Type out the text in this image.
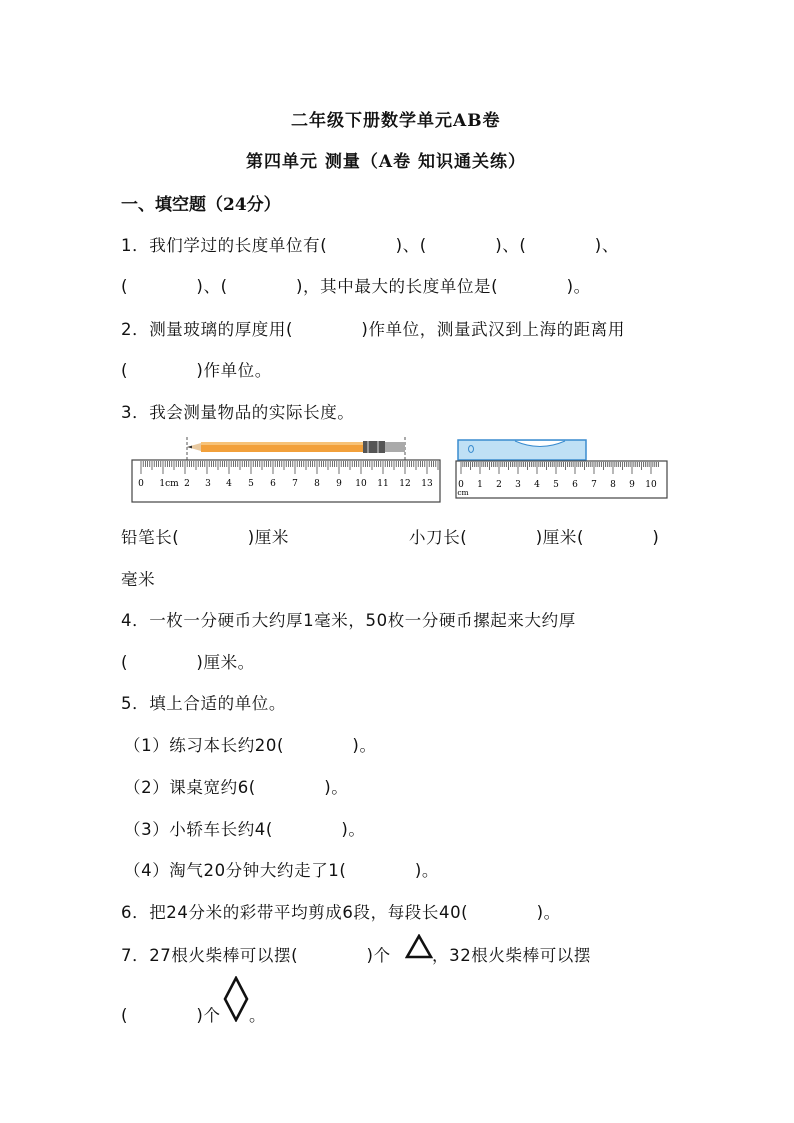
二年级下册数学单元AB卷
第四单元 测量（A卷 知识通关练）
一、填空题（24分）
1．我们学过的长度单位有(　　　　)、(　　　　)、(　　　　)、
(　　　　)、(　　　　)，其中最大的长度单位是(　　　　)。
2．测量玻璃的厚度用(　　　　)作单位，测量武汉到上海的距离用
(　　　　)作单位。
3．我会测量物品的实际长度。
0 1cm 2 3 4 5 6 7 8 9 10 11 12 13	0
cm
1 2 3 4 5 6 7 8 9 10
铅笔长(　　　　)厘米	小刀长(　　　　)厘米(　　　　)
毫米
4．一枚一分硬币大约厚1毫米，50枚一分硬币摞起来大约厚
(　　　　)厘米。
5．填上合适的单位。
（1）练习本长约20(　　　　)。
（2）课桌宽约6(　　　　)。
（3）小轿车长约4(　　　　)。
（4）淘气20分钟大约走了1(　　　　)。
6．把24分米的彩带平均剪成6段，每段长40(　　　　)。
7．27根火柴棒可以摆(　　　　)个	，32根火柴棒可以摆
(　　　　)个 。
